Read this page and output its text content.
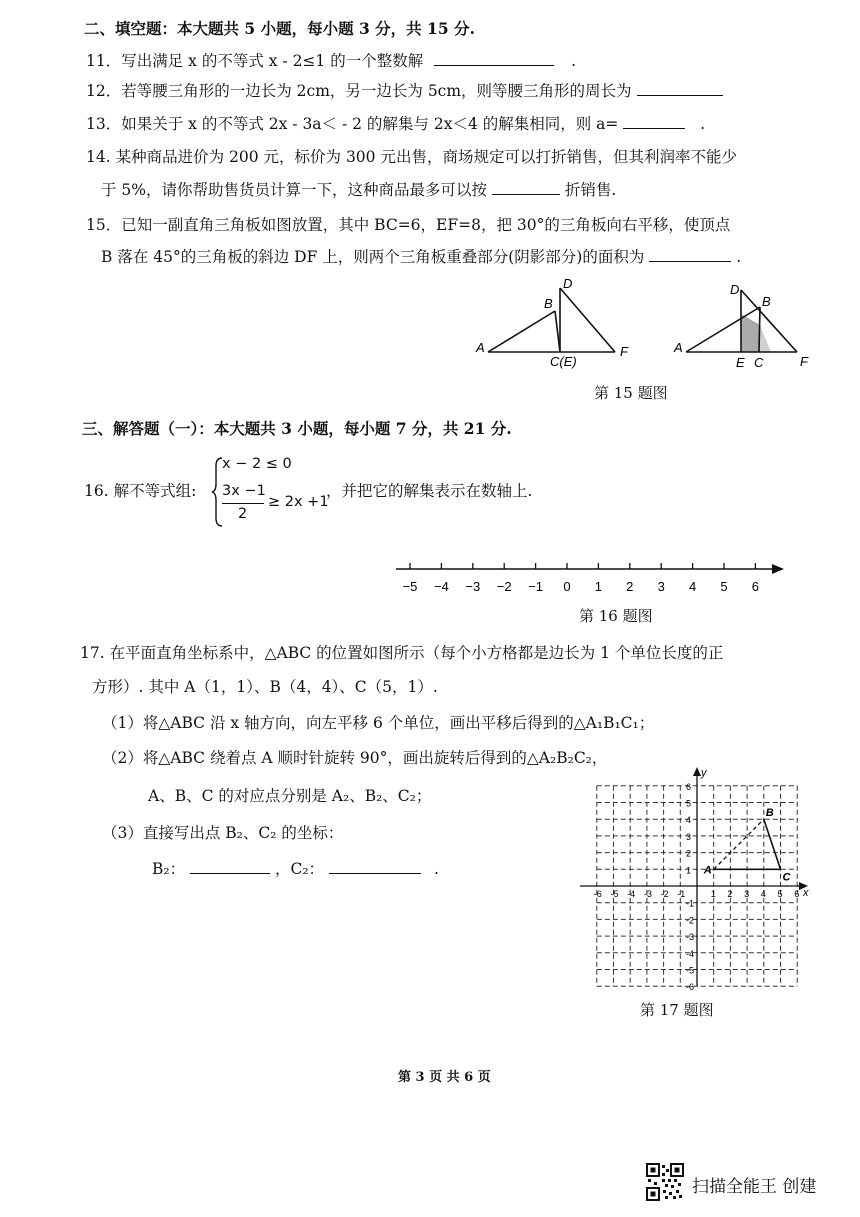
二、填空题：本大题共 5 小题，每小题 3 分，共 15 分.
11．写出满足 x 的不等式 x - 2≤1 的一个整数解	.
12．若等腰三角形的一边长为 2cm，另一边长为 5cm，则等腰三角形的周长为
13．如果关于 x 的不等式 2x - 3a＜ - 2 的解集与 2x＜4 的解集相同，则 a=	.
14. 某种商品进价为 200 元，标价为 300 元出售，商场规定可以打折销售，但其利润率不能少
于 5%，请你帮助售货员计算一下，这种商品最多可以按	折销售.
15．已知一副直角三角板如图放置，其中 BC=6，EF=8，把 30°的三角板向右平移，使顶点
B 落在 45°的三角板的斜边 DF 上，则两个三角板重叠部分(阴影部分)的面积为	.
A
B
D
C(E)
F	A
D
B
E C	F
第 15 题图
三、解答题（一）：本大题共 3 小题，每小题 7 分，共 21 分.
16. 解不等式组:
x − 2 ≤ 0
3x −1
2
≥ 2x +1
，并把它的解集表示在数轴上.
−5 −4 −3 −2 −1 0 1 2 3 4 5 6
第 16 题图
17. 在平面直角坐标系中，△ABC 的位置如图所示（每个小方格都是边长为 1 个单位长度的正
方形）. 其中 A（1，1）、B（4，4）、C（5，1）.
（1）将△ABC 沿 x 轴方向，向左平移 6 个单位，画出平移后得到的△A₁B₁C₁；
（2）将△ABC 绕着点 A 顺时针旋转 90°，画出旋转后得到的△A₂B₂C₂，
A、B、C 的对应点分别是 A₂、B₂、C₂；
（3）直接写出点 B₂、C₂ 的坐标：
B₂：	，C₂：	.
x
y
-6 -5 -4 -3 -2 -1	1 2 3 4 5 6
6
5
4
3
2
1
-1
-2
-3
-4
-5
-6
A
B
C
第 17 题图
第 3 页 共 6 页
扫描全能王 创建
